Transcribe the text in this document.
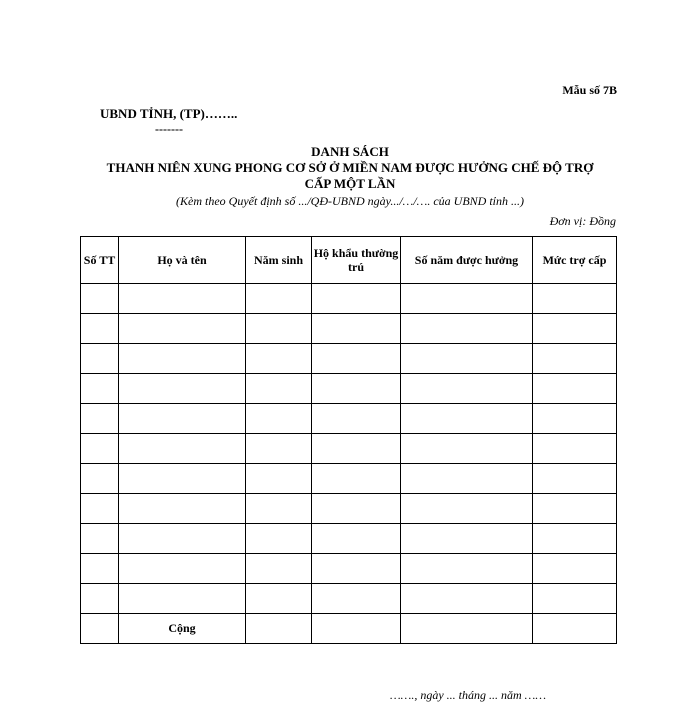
Mẫu số 7B
UBND TỈNH, (TP)……..
-------
DANH SÁCH
THANH NIÊN XUNG PHONG CƠ SỞ Ở MIỀN NAM ĐƯỢC HƯỞNG CHẾ ĐỘ TRỢ
CẤP MỘT LẦN
(Kèm theo Quyết định số .../QĐ-UBND ngày.../…/…. của UBND tỉnh ...)
Đơn vị: Đồng
Số TT	Họ và tên	Năm sinh	Hộ khẩu thường trú	Số năm được hưởng	Mức trợ cấp

	Cộng				
……., ngày ... tháng ... năm ……
